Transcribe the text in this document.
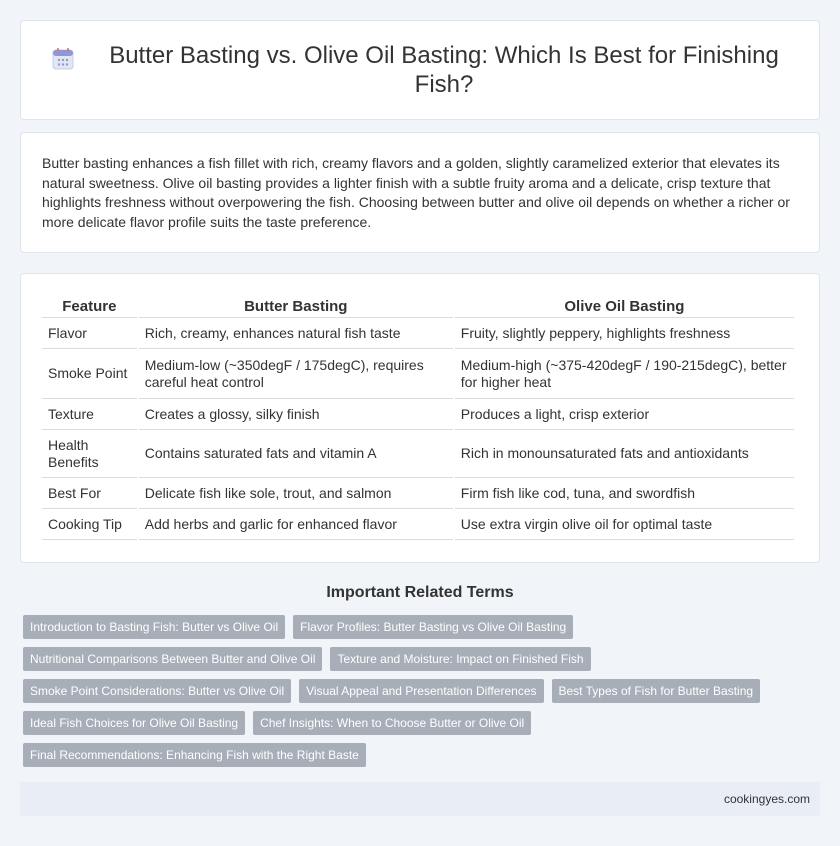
Butter Basting vs. Olive Oil Basting: Which Is Best for Finishing Fish?

Butter basting enhances a fish fillet with rich, creamy flavors and a golden, slightly caramelized exterior that elevates its natural sweetness. Olive oil basting provides a lighter finish with a subtle fruity aroma and a delicate, crisp texture that highlights freshness without overpowering the fish. Choosing between butter and olive oil depends on whether a richer or more delicate flavor profile suits the taste preference.

Feature	Butter Basting	Olive Oil Basting
Flavor	Rich, creamy, enhances natural fish taste	Fruity, slightly peppery, highlights freshness
Smoke Point	Medium-low (~350degF / 175degC), requires careful heat control	Medium-high (~375-420degF / 190-215degC), better for higher heat
Texture	Creates a glossy, silky finish	Produces a light, crisp exterior
Health Benefits	Contains saturated fats and vitamin A	Rich in monounsaturated fats and antioxidants
Best For	Delicate fish like sole, trout, and salmon	Firm fish like cod, tuna, and swordfish
Cooking Tip	Add herbs and garlic for enhanced flavor	Use extra virgin olive oil for optimal taste
Important Related Terms
Introduction to Basting Fish: Butter vs Olive Oil	Flavor Profiles: Butter Basting vs Olive Oil Basting
Nutritional Comparisons Between Butter and Olive Oil	Texture and Moisture: Impact on Finished Fish
Smoke Point Considerations: Butter vs Olive Oil	Visual Appeal and Presentation Differences	Best Types of Fish for Butter Basting
Ideal Fish Choices for Olive Oil Basting	Chef Insights: When to Choose Butter or Olive Oil
Final Recommendations: Enhancing Fish with the Right Baste
cookingyes.com
